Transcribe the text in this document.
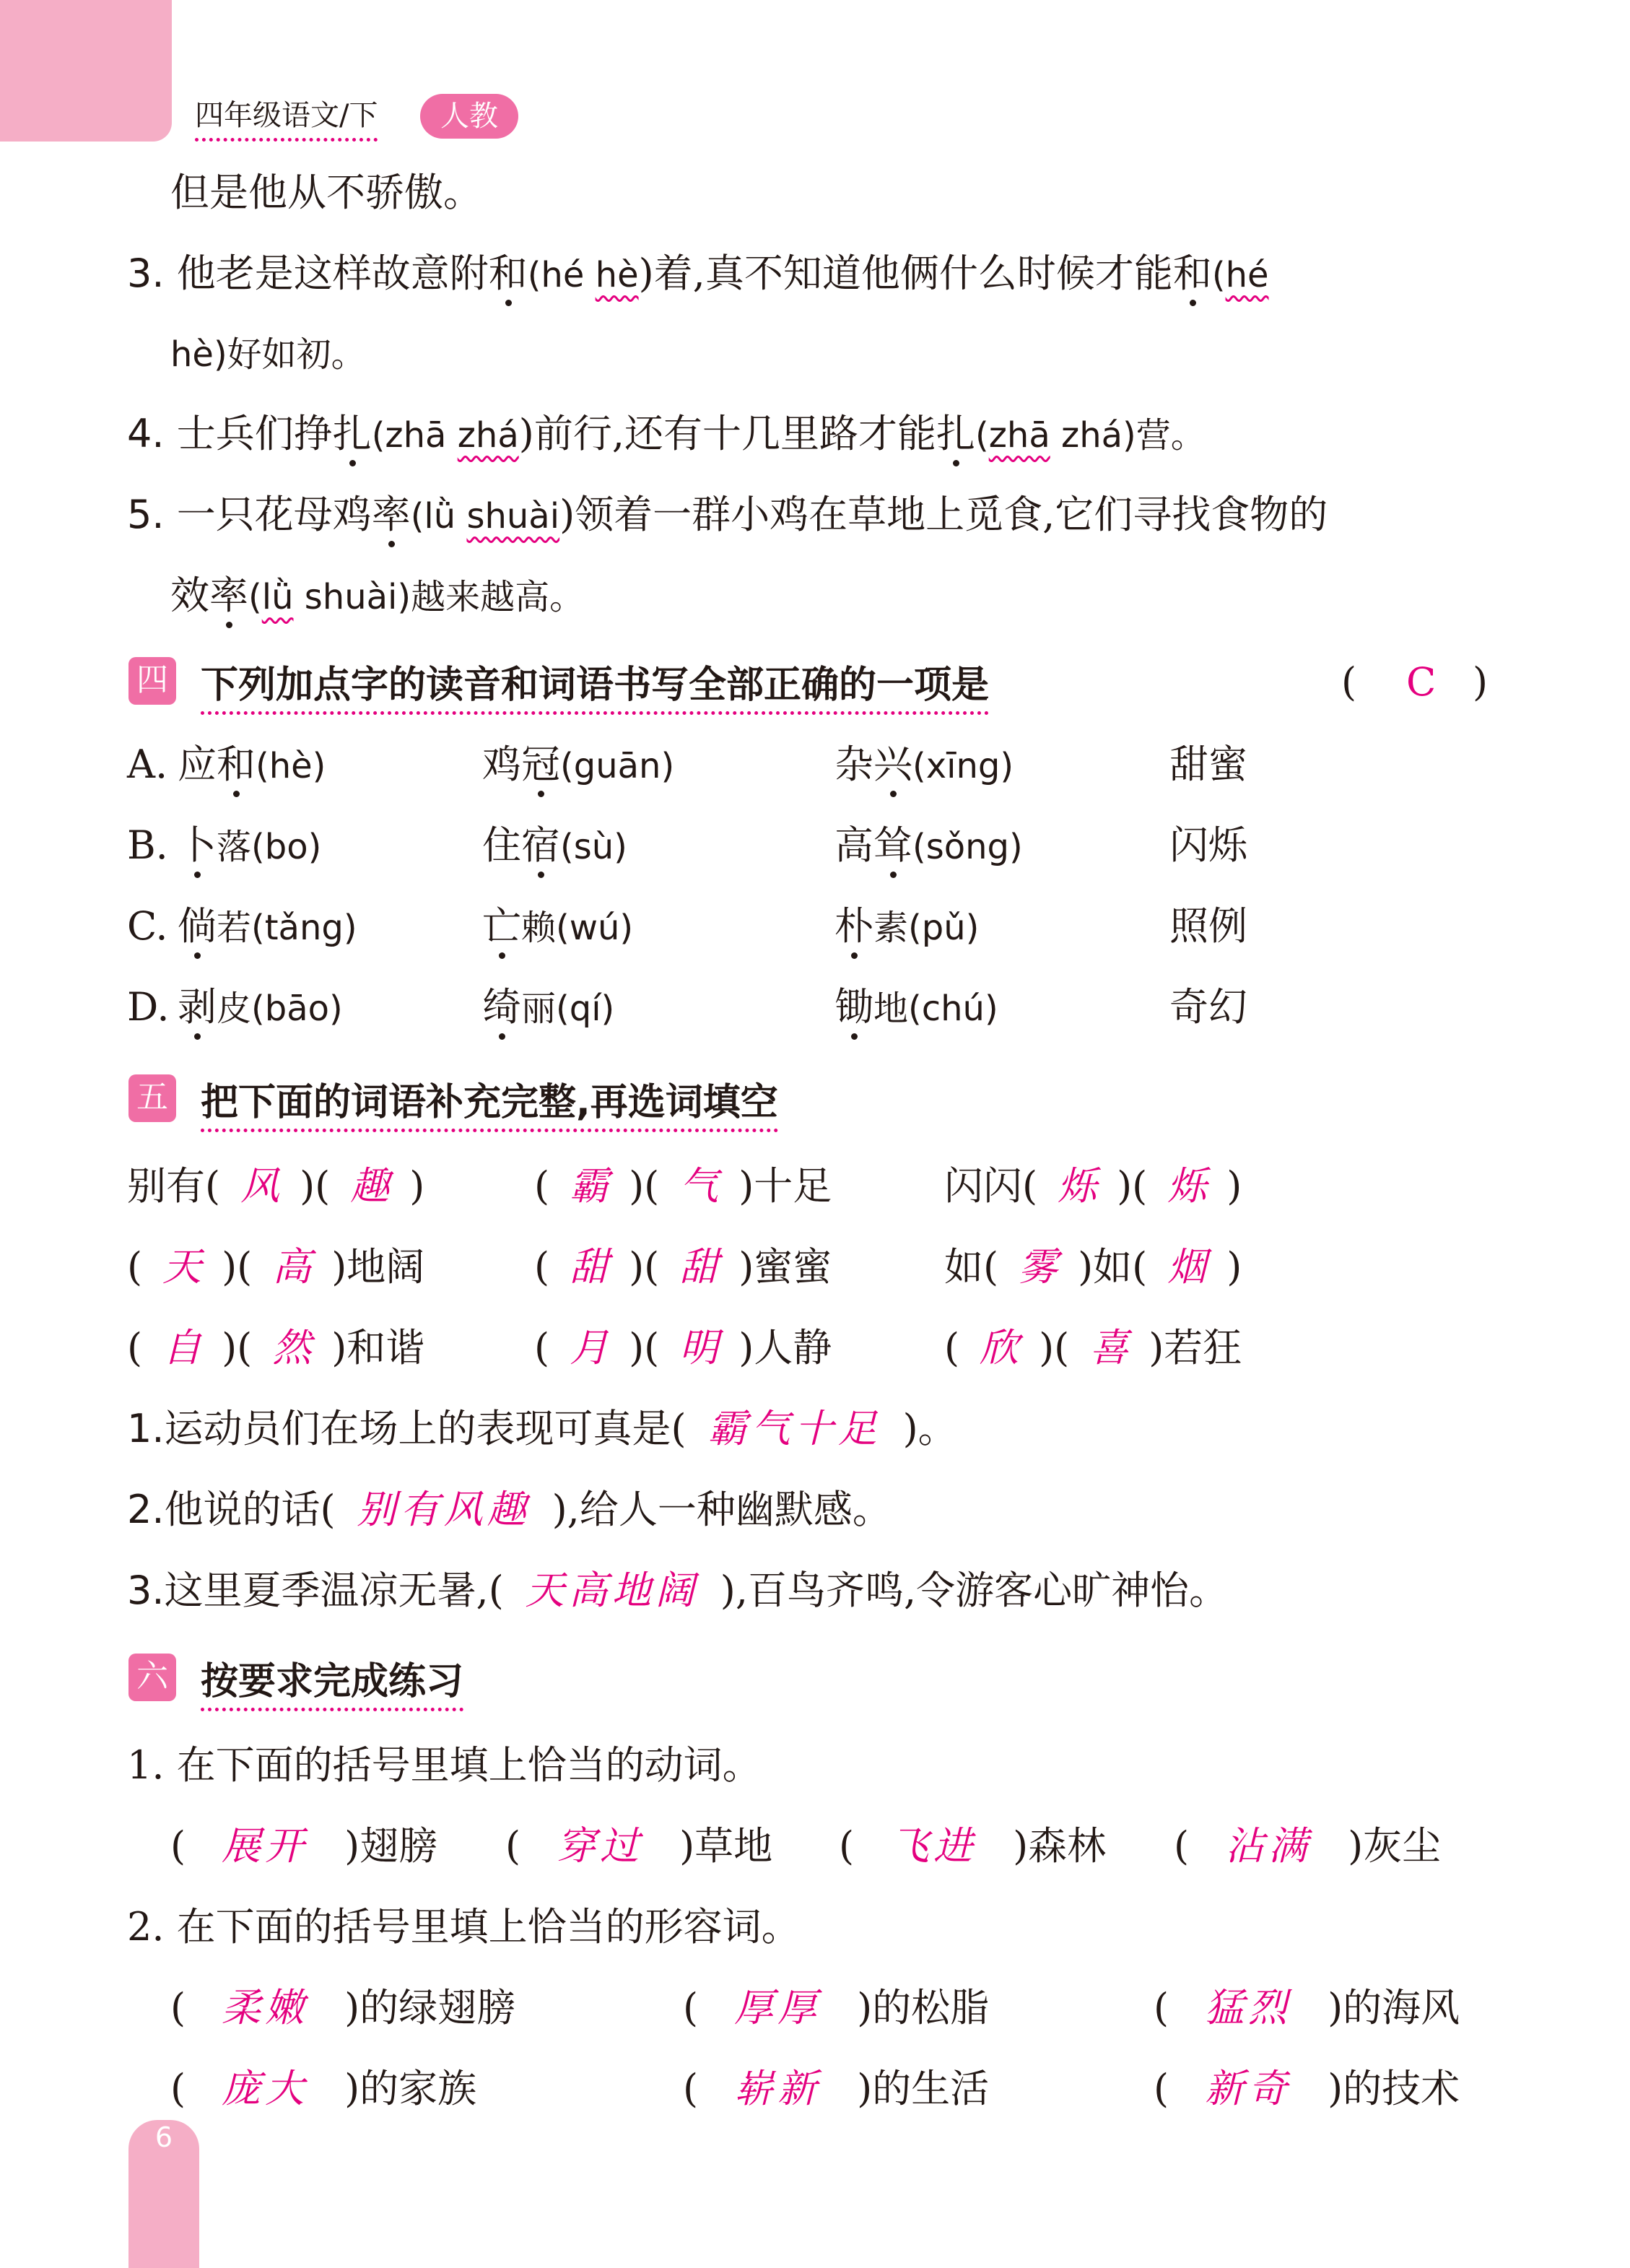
6
四年级语文/下	人教
但是他从不骄傲。
3. 他老是这样故意附和(hé hè)着,真不知道他俩什么时候才能和(hé
hè)好如初。
4. 士兵们挣扎(zhā zhá)前行,还有十几里路才能扎(zhā zhá)营。
5. 一只花母鸡率(lǜ shuài)领着一群小鸡在草地上觅食,它们寻找食物的
效率(lǜ shuài)越来越高。
四 下列加点字的读音和词语书写全部正确的一项是	( C )
A. 应和(hè)	鸡冠(guān)	杂兴(xīng)	甜蜜
B. 卜落(bo)	住宿(sù)	高耸(sǒng)	闪烁
C. 倘若(tǎng)	亡赖(wú)	朴素(pǔ)	照例
D. 剥皮(bāo)	绮丽(qí)	锄地(chú)	奇幻
五 把下面的词语补充完整,再选词填空
别有( 风 )( 趣 )	( 霸 )( 气 )十足	闪闪( 烁 )( 烁 )
( 天 )( 高 )地阔	( 甜 )( 甜 )蜜蜜	如( 雾 )如( 烟 )
( 自 )( 然 )和谐	( 月 )( 明 )人静	( 欣 )( 喜 )若狂
1.运动员们在场上的表现可真是( 霸气十足 )。
2.他说的话( 别有风趣 ),给人一种幽默感。
3.这里夏季温凉无暑,( 天高地阔 ),百鸟齐鸣,令游客心旷神怡。
六 按要求完成练习
1. 在下面的括号里填上恰当的动词。
( 展开 )翅膀 ( 穿过 )草地 ( 飞进 )森林 ( 沾满 )灰尘
2. 在下面的括号里填上恰当的形容词。
( 柔嫩 )的绿翅膀	( 厚厚 )的松脂	( 猛烈 )的海风
( 庞大 )的家族	( 崭新 )的生活	( 新奇 )的技术
